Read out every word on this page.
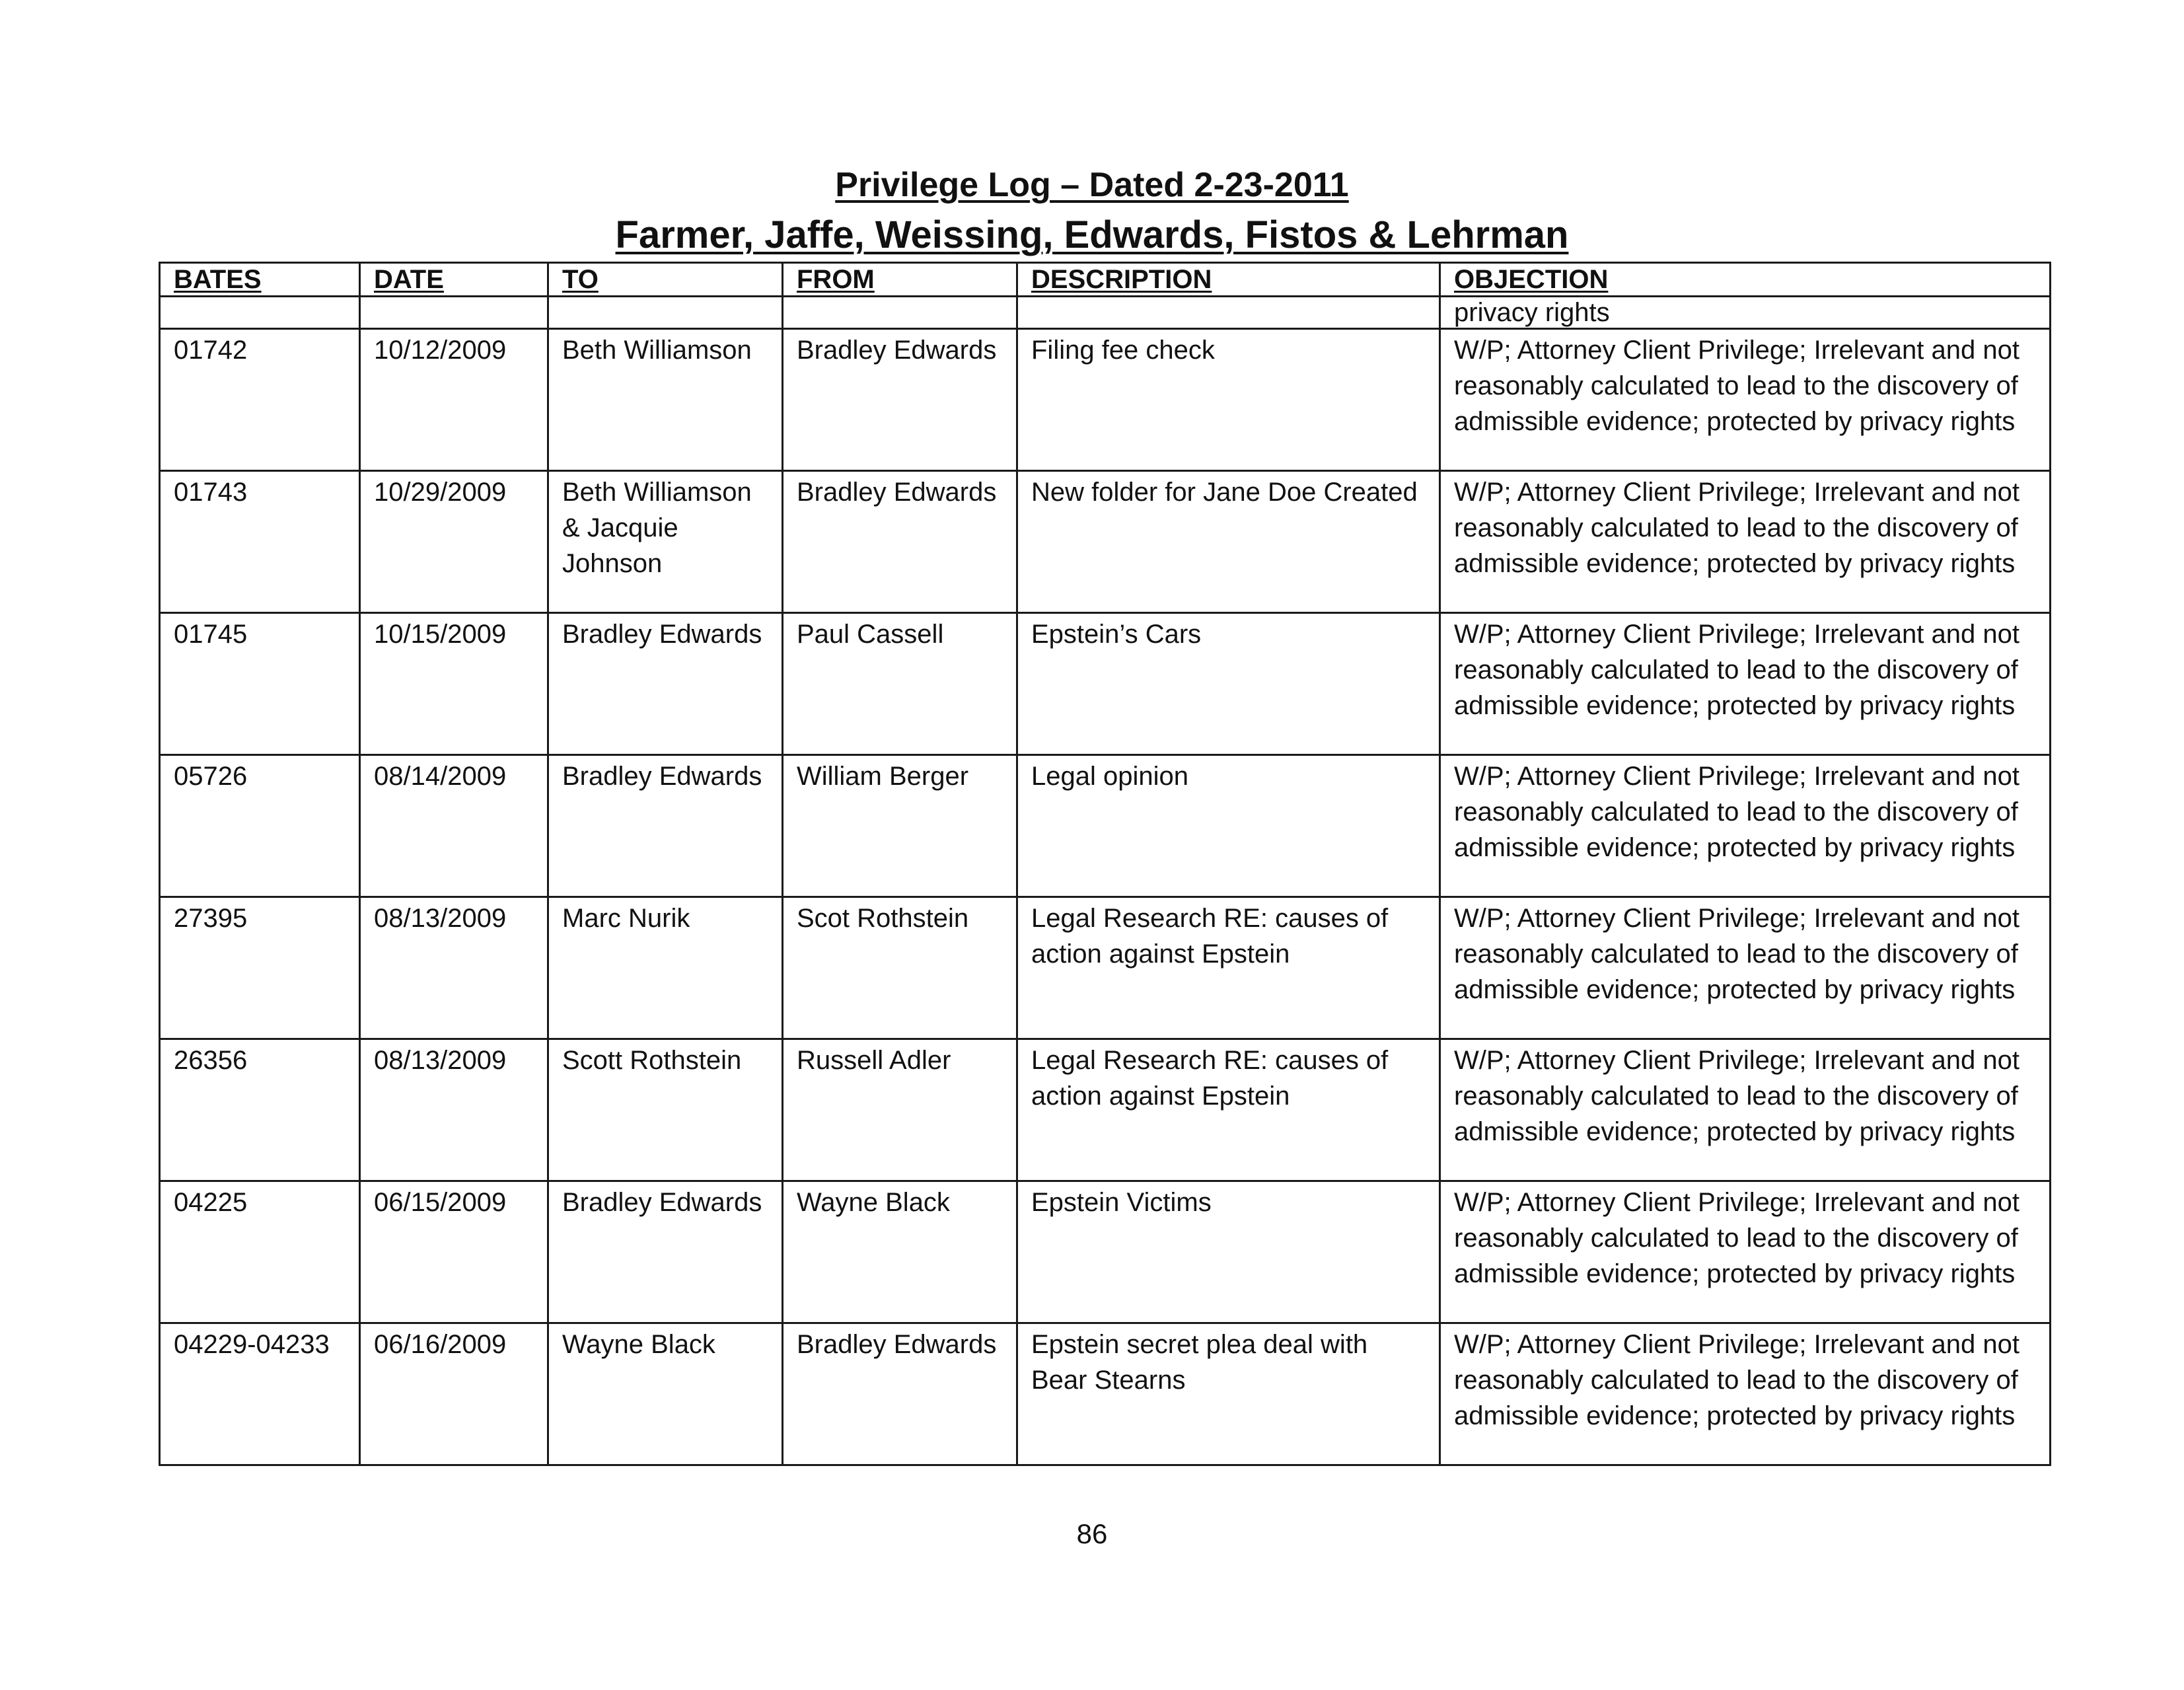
Privilege Log – Dated 2-23-2011
Farmer, Jaffe, Weissing, Edwards, Fistos & Lehrman
BATES	DATE	TO	FROM	DESCRIPTION	OBJECTION
					privacy rights
01742	10/12/2009	Beth Williamson	Bradley Edwards	Filing fee check	W/P; Attorney Client Privilege; Irrelevant and not reasonably calculated to lead to the discovery of admissible evidence; protected by privacy rights
01743	10/29/2009	Beth Williamson & Jacquie Johnson	Bradley Edwards	New folder for Jane Doe Created	W/P; Attorney Client Privilege; Irrelevant and not reasonably calculated to lead to the discovery of admissible evidence; protected by privacy rights
01745	10/15/2009	Bradley Edwards	Paul Cassell	Epstein’s Cars	W/P; Attorney Client Privilege; Irrelevant and not reasonably calculated to lead to the discovery of admissible evidence; protected by privacy rights
05726	08/14/2009	Bradley Edwards	William Berger	Legal opinion	W/P; Attorney Client Privilege; Irrelevant and not reasonably calculated to lead to the discovery of admissible evidence; protected by privacy rights
27395	08/13/2009	Marc Nurik	Scot Rothstein	Legal Research RE: causes of action against Epstein	W/P; Attorney Client Privilege; Irrelevant and not reasonably calculated to lead to the discovery of admissible evidence; protected by privacy rights
26356	08/13/2009	Scott Rothstein	Russell Adler	Legal Research RE: causes of action against Epstein	W/P; Attorney Client Privilege; Irrelevant and not reasonably calculated to lead to the discovery of admissible evidence; protected by privacy rights
04225	06/15/2009	Bradley Edwards	Wayne Black	Epstein Victims	W/P; Attorney Client Privilege; Irrelevant and not reasonably calculated to lead to the discovery of admissible evidence; protected by privacy rights
04229-04233	06/16/2009	Wayne Black	Bradley Edwards	Epstein secret plea deal with Bear Stearns	W/P; Attorney Client Privilege; Irrelevant and not reasonably calculated to lead to the discovery of admissible evidence; protected by privacy rights
86
